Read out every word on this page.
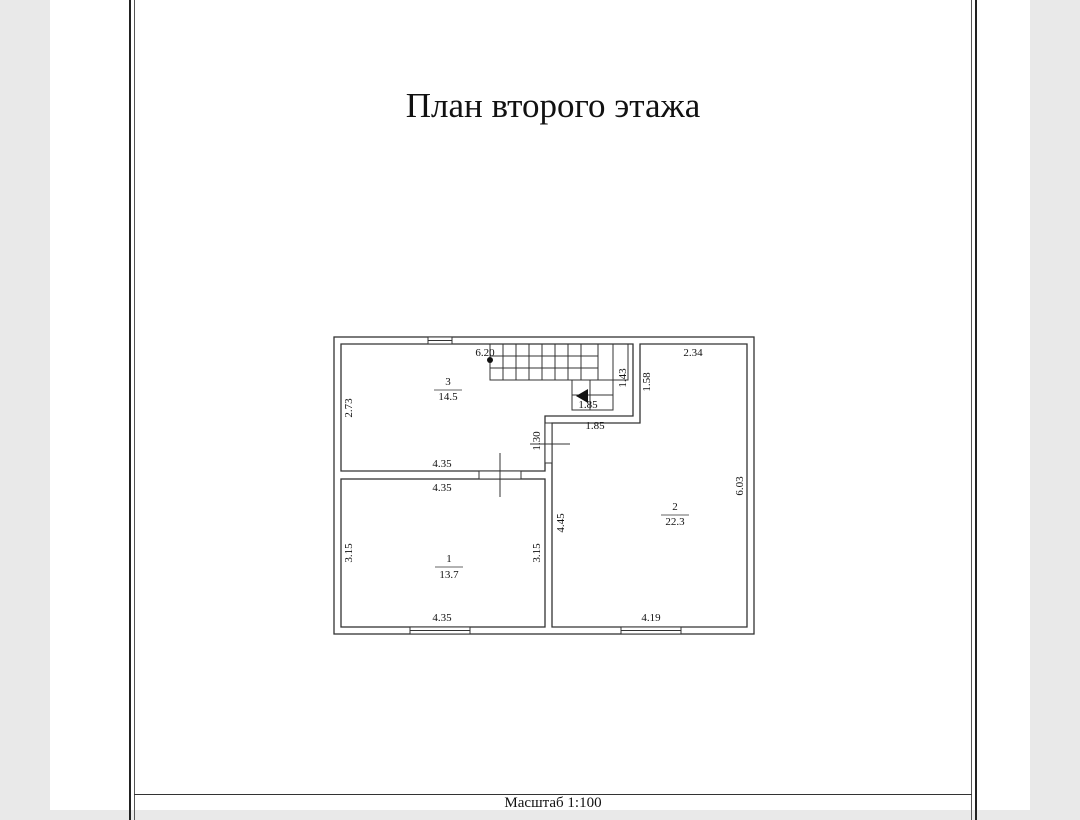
План второго этажа
3
14.5
1
13.7
2
22.3
6.20	2.34
1.85
1.85
4.35
4.35
4.35	4.19
2.73
1.43 1.58
1.30
3.15	3.15
4.45
6.03
Масштаб 1:100
